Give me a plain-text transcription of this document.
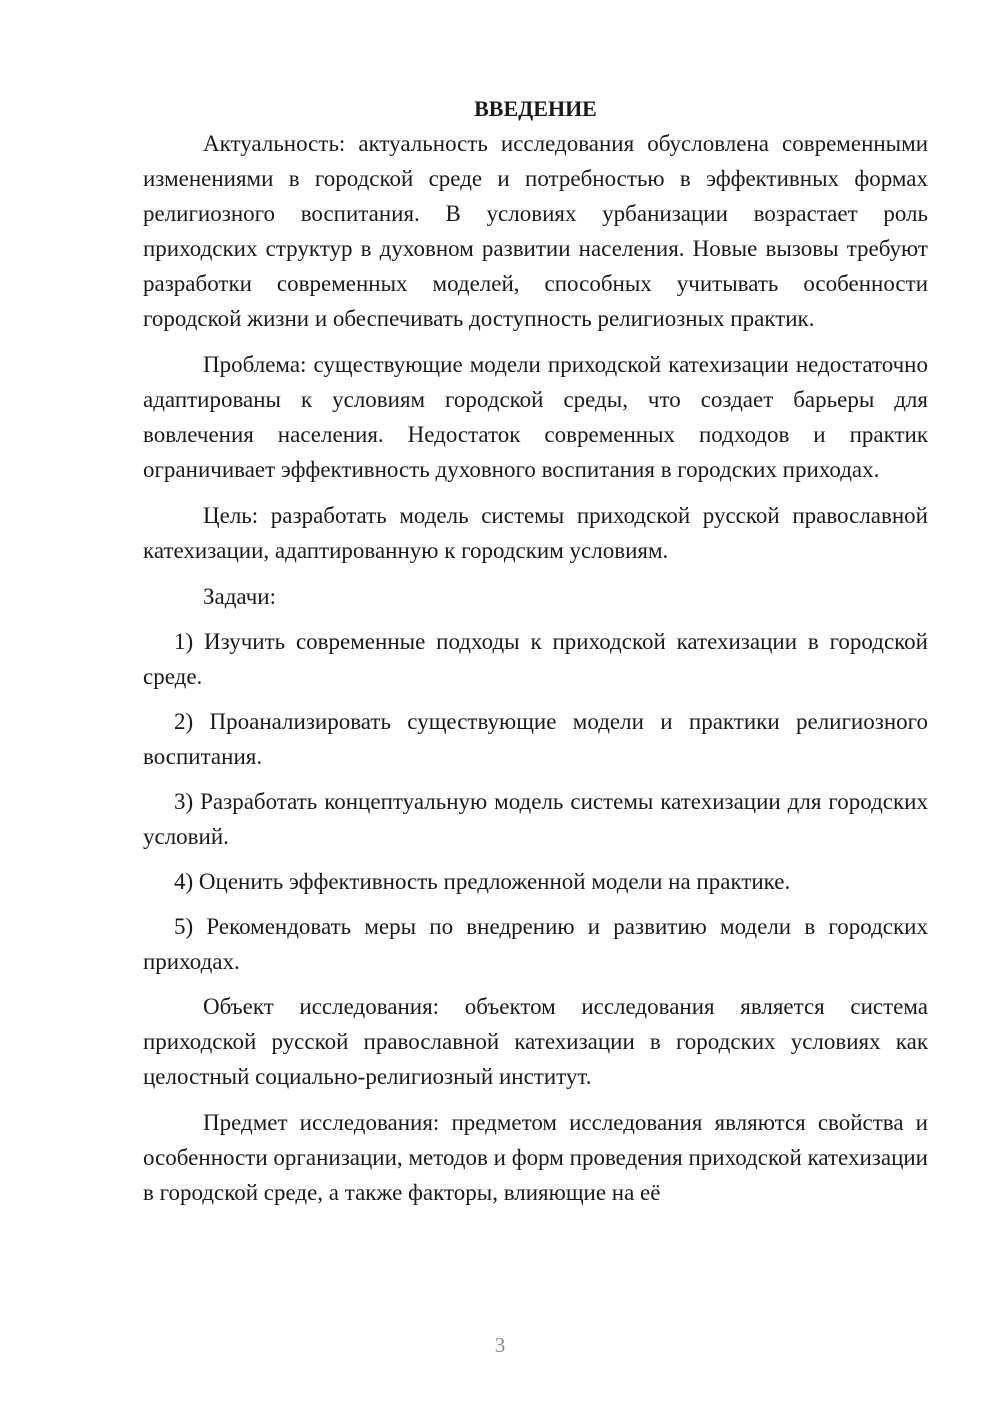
ВВЕДЕНИЕ

Актуальность: актуальность исследования обусловлена современными изменениями в городской среде и потребностью в эффективных формах религиозного воспитания. В условиях урбанизации возрастает роль приходских структур в духовном развитии населения. Новые вызовы требуют разработки современных моделей, способных учитывать особенности городской жизни и обеспечивать доступность религиозных практик.

Проблема: существующие модели приходской катехизации недостаточно адаптированы к условиям городской среды, что создает барьеры для вовлечения населения. Недостаток современных подходов и практик ограничивает эффективность духовного воспитания в городских приходах.

Цель: разработать модель системы приходской русской православной катехизации, адаптированную к городским условиям.

Задачи:

1) Изучить современные подходы к приходской катехизации в городской среде.

2) Проанализировать существующие модели и практики религиозного воспитания.

3) Разработать концептуальную модель системы катехизации для городских условий.

4) Оценить эффективность предложенной модели на практике.

5) Рекомендовать меры по внедрению и развитию модели в городских приходах.

Объект исследования: объектом исследования является система приходской русской православной катехизации в городских условиях как целостный социально-религиозный институт.

Предмет исследования: предметом исследования являются свойства и особенности организации, методов и форм проведения приходской катехизации в городской среде, а также факторы, влияющие на её

3
